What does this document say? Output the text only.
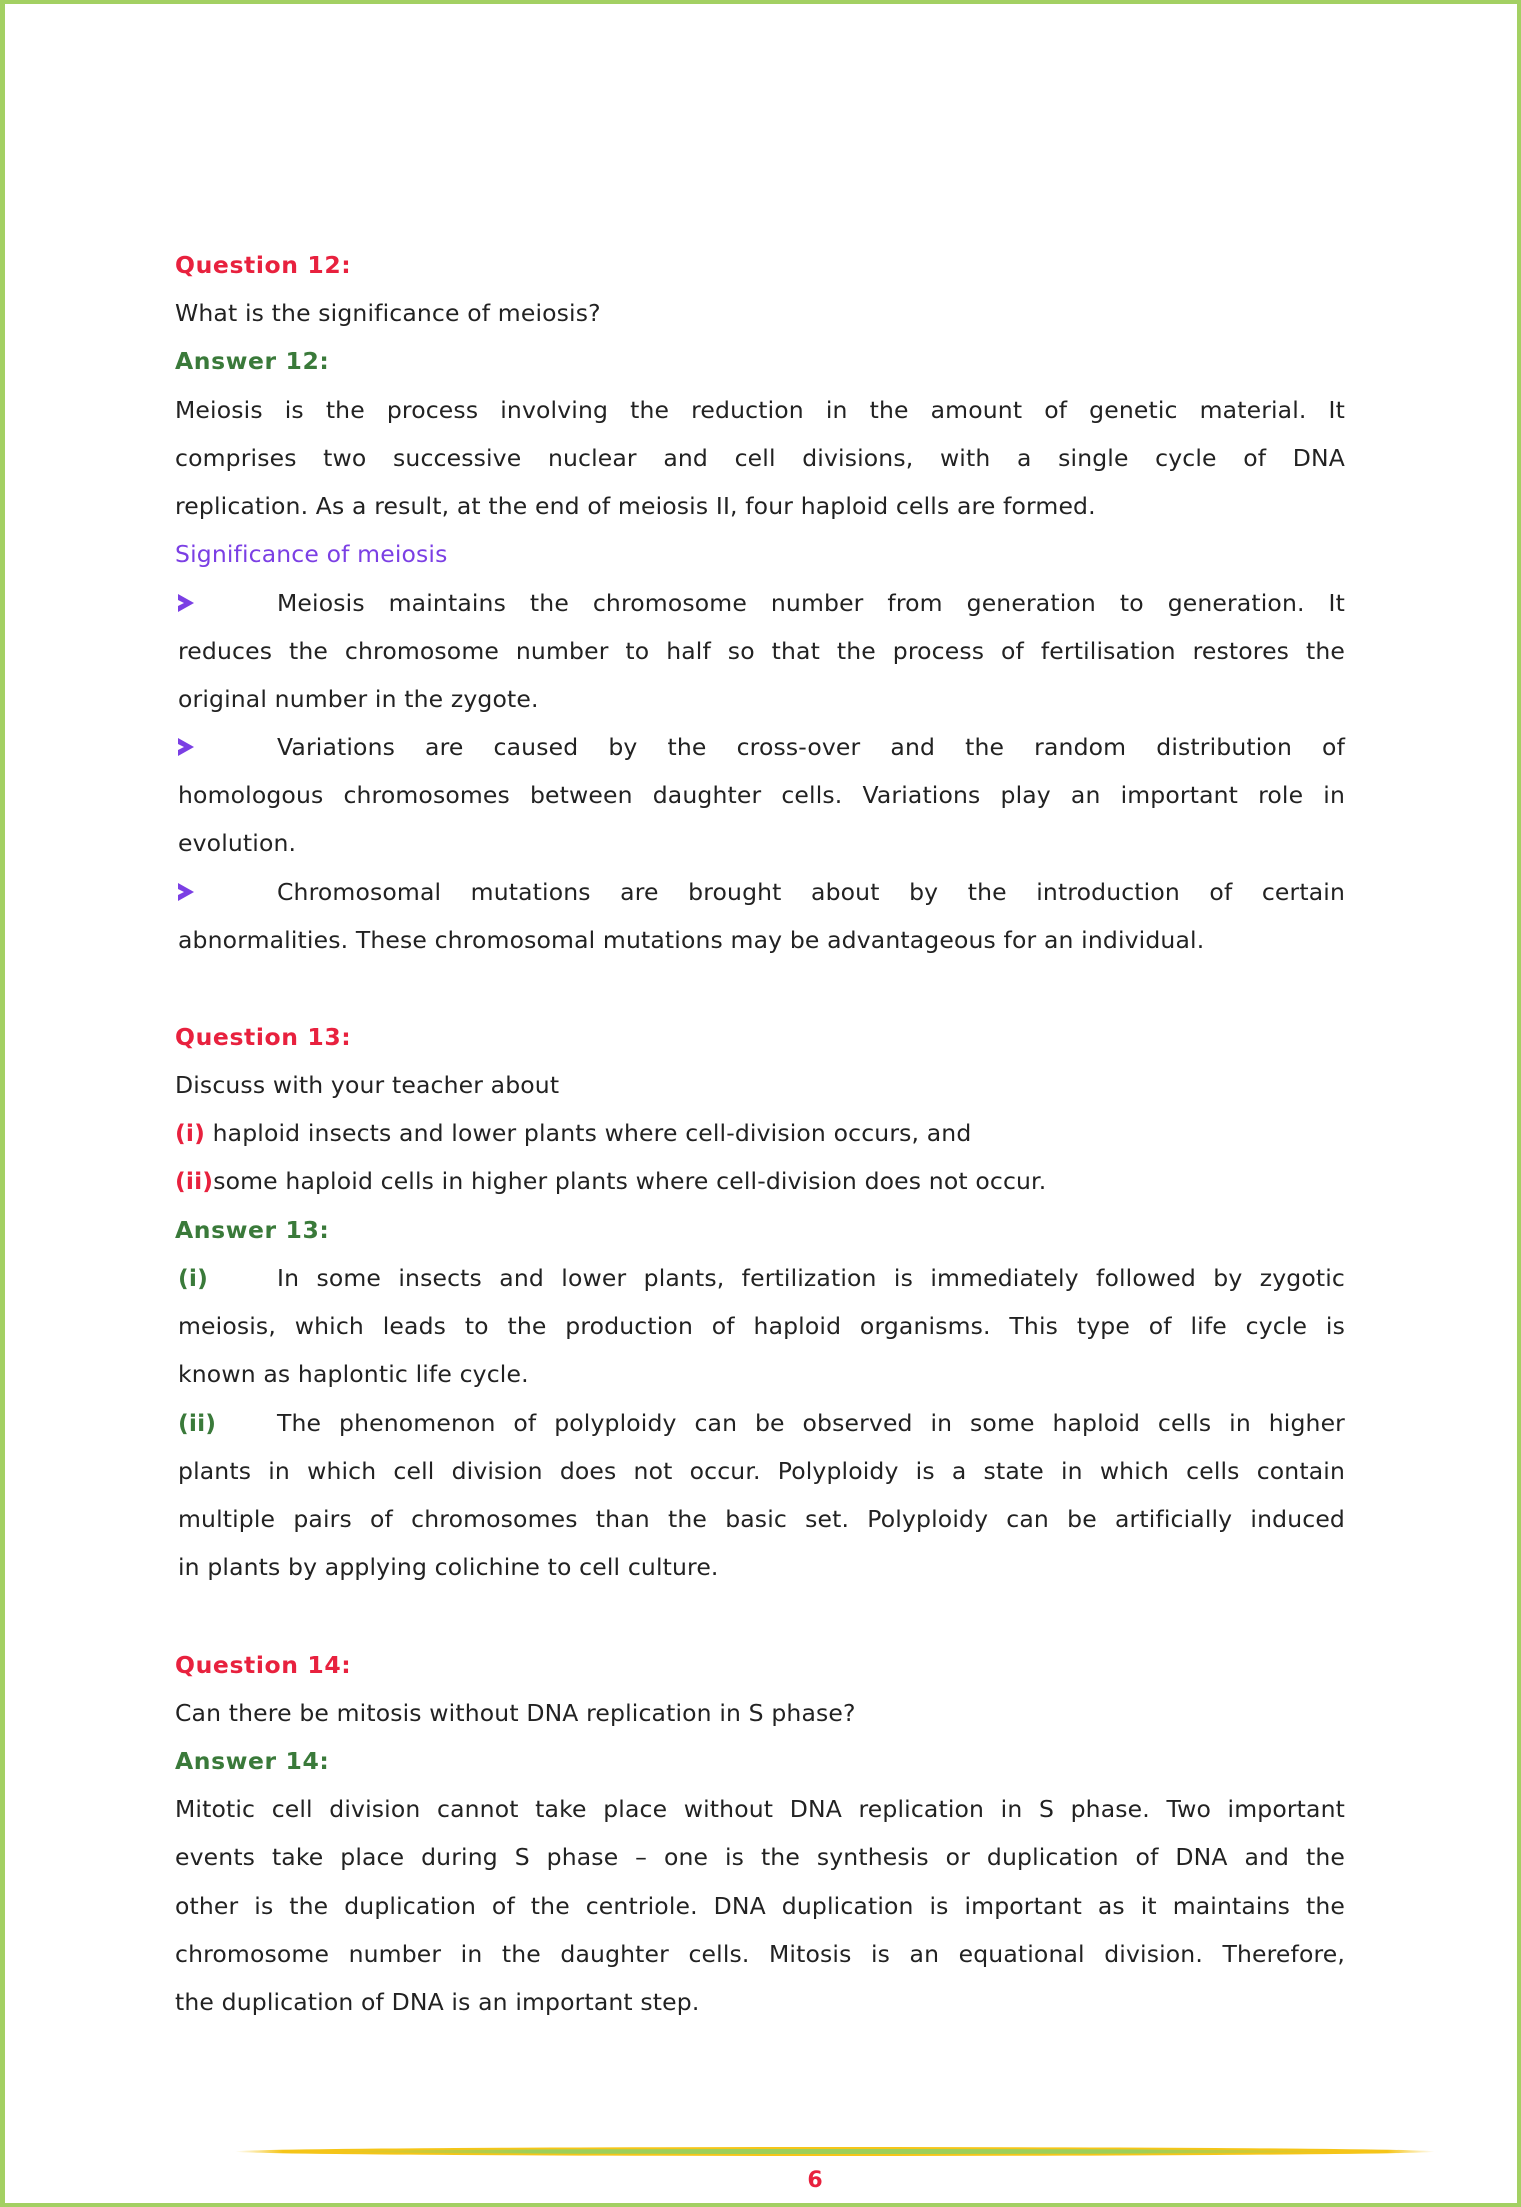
Question 12:
What is the significance of meiosis?
Answer 12:
Meiosis is the process involving the reduction in the amount of genetic material. It
comprises two successive nuclear and cell divisions, with a single cycle of DNA
replication. As a result, at the end of meiosis II, four haploid cells are formed.
Significance of meiosis
Meiosis maintains the chromosome number from generation to generation. It
reduces the chromosome number to half so that the process of fertilisation restores the
original number in the zygote.
Variations are caused by the cross-over and the random distribution of
homologous chromosomes between daughter cells. Variations play an important role in
evolution.
Chromosomal mutations are brought about by the introduction of certain
abnormalities. These chromosomal mutations may be advantageous for an individual.
Question 13:
Discuss with your teacher about
(i) haploid insects and lower plants where cell-division occurs, and
(ii)some haploid cells in higher plants where cell-division does not occur.
Answer 13:
(i)	In some insects and lower plants, fertilization is immediately followed by zygotic
meiosis, which leads to the production of haploid organisms. This type of life cycle is
known as haplontic life cycle.
(ii)	The phenomenon of polyploidy can be observed in some haploid cells in higher
plants in which cell division does not occur. Polyploidy is a state in which cells contain
multiple pairs of chromosomes than the basic set. Polyploidy can be artificially induced
in plants by applying colichine to cell culture.
Question 14:
Can there be mitosis without DNA replication in S phase?
Answer 14:
Mitotic cell division cannot take place without DNA replication in S phase. Two important
events take place during S phase – one is the synthesis or duplication of DNA and the
other is the duplication of the centriole. DNA duplication is important as it maintains the
chromosome number in the daughter cells. Mitosis is an equational division. Therefore,
the duplication of DNA is an important step.
6
